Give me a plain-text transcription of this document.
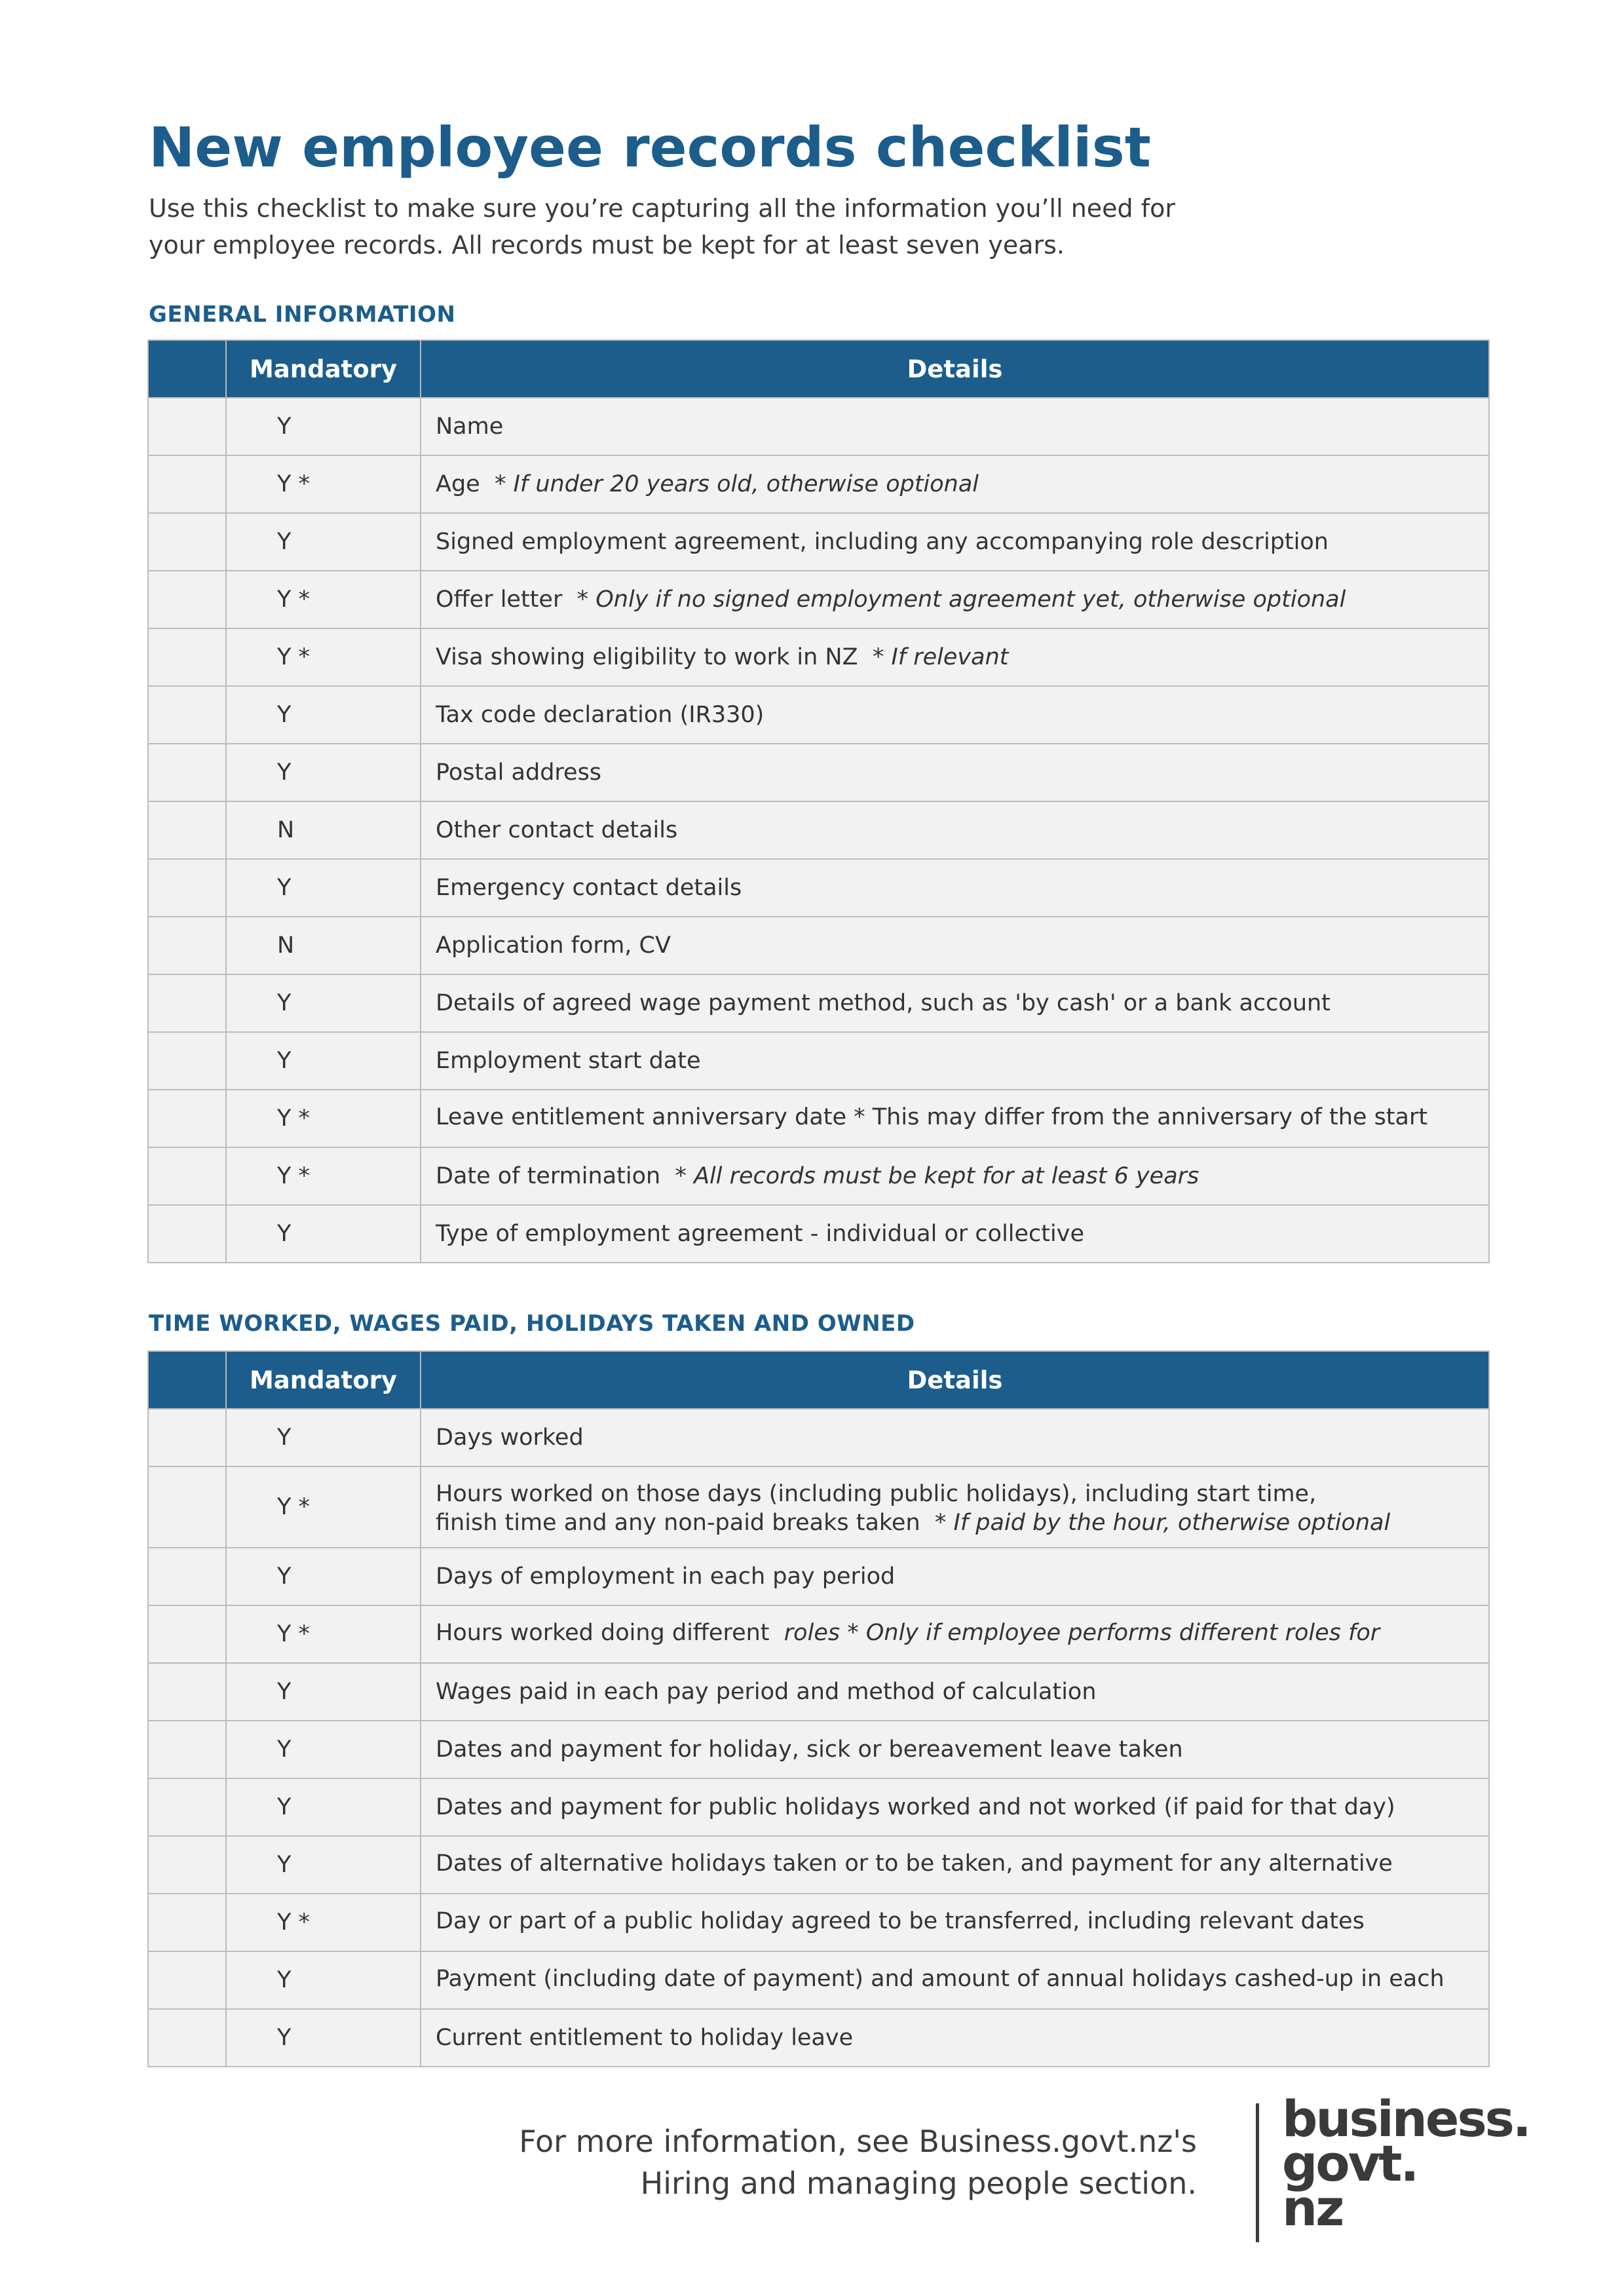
New employee records checklist
Use this checklist to make sure you’re capturing all the information you’ll need for
your employee records. All records must be kept for at least seven years.
GENERAL INFORMATION
	Mandatory	Details
	Y	Name

	Y *	Age * If under 20 years old, otherwise optional

	Y	Signed employment agreement, including any accompanying role description

	Y *	Offer letter * Only if no signed employment agreement yet, otherwise optional

	Y *	Visa showing eligibility to work in NZ * If relevant

	Y	Tax code declaration (IR330)

	Y	Postal address

	N	Other contact details

	Y	Emergency contact details

	N	Application form, CV

	Y	Details of agreed wage payment method, such as 'by cash' or a bank account

	Y	Employment start date

	Y *	Leave entitlement anniversary date * This may differ from the anniversary of the start

	Y *	Date of termination * All records must be kept for at least 6 years

	Y	Type of employment agreement - individual or collective
TIME WORKED, WAGES PAID, HOLIDAYS TAKEN AND OWNED
	Mandatory	Details
	Y	Days worked

	Y *	Hours worked on those days (including public holidays), including start time,
finish time and any non-paid breaks taken * If paid by the hour, otherwise optional

	Y	Days of employment in each pay period

	Y *	Hours worked doing different roles * Only if employee performs different roles for

	Y	Wages paid in each pay period and method of calculation

	Y	Dates and payment for holiday, sick or bereavement leave taken

	Y	Dates and payment for public holidays worked and not worked (if paid for that day)

	Y	Dates of alternative holidays taken or to be taken, and payment for any alternative

	Y *	Day or part of a public holiday agreed to be transferred, including relevant dates

	Y	Payment (including date of payment) and amount of annual holidays cashed-up in each

	Y	Current entitlement to holiday leave
For more information, see Business.govt.nz's
Hiring and managing people section.
business.
govt.
nz
